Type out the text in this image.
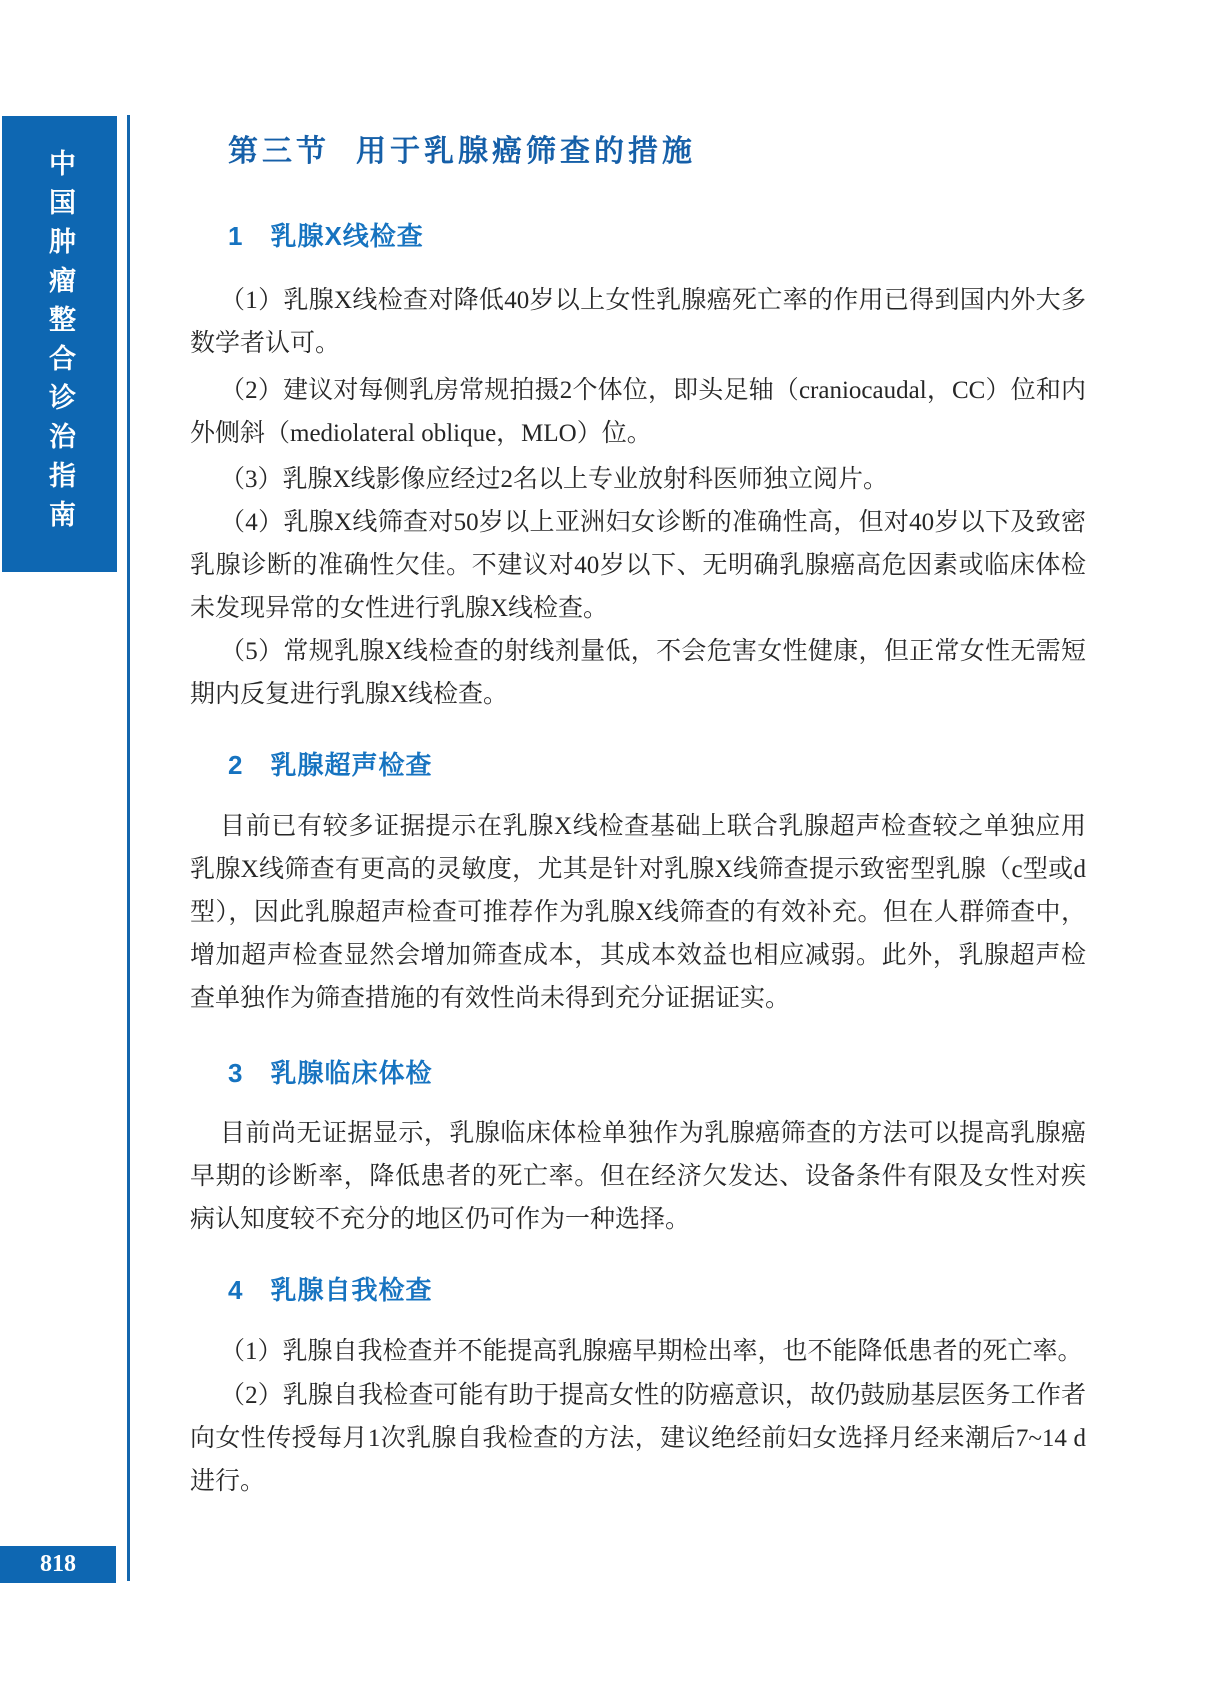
中国肿瘤整合诊治指南
818
第三节 用于乳腺癌筛查的措施
1 乳腺X线检查
（1）乳腺X线检查对降低40岁以上女性乳腺癌死亡率的作用已得到国内外大多数学者认可。
（2）建议对每侧乳房常规拍摄2个体位，即头足轴（craniocaudal，CC）位和内外侧斜（mediolateral oblique，MLO）位。
（3）乳腺X线影像应经过2名以上专业放射科医师独立阅片。
（4）乳腺X线筛查对50岁以上亚洲妇女诊断的准确性高，但对40岁以下及致密乳腺诊断的准确性欠佳。不建议对40岁以下、无明确乳腺癌高危因素或临床体检未发现异常的女性进行乳腺X线检查。
（5）常规乳腺X线检查的射线剂量低，不会危害女性健康，但正常女性无需短期内反复进行乳腺X线检查。
2 乳腺超声检查
目前已有较多证据提示在乳腺X线检查基础上联合乳腺超声检查较之单独应用乳腺X线筛查有更高的灵敏度，尤其是针对乳腺X线筛查提示致密型乳腺（c型或d型），因此乳腺超声检查可推荐作为乳腺X线筛查的有效补充。但在人群筛查中，增加超声检查显然会增加筛查成本，其成本效益也相应减弱。此外，乳腺超声检查单独作为筛查措施的有效性尚未得到充分证据证实。
3 乳腺临床体检
目前尚无证据显示，乳腺临床体检单独作为乳腺癌筛查的方法可以提高乳腺癌早期的诊断率，降低患者的死亡率。但在经济欠发达、设备条件有限及女性对疾病认知度较不充分的地区仍可作为一种选择。
4 乳腺自我检查
（1）乳腺自我检查并不能提高乳腺癌早期检出率，也不能降低患者的死亡率。
（2）乳腺自我检查可能有助于提高女性的防癌意识，故仍鼓励基层医务工作者向女性传授每月1次乳腺自我检查的方法，建议绝经前妇女选择月经来潮后7~14 d进行。
